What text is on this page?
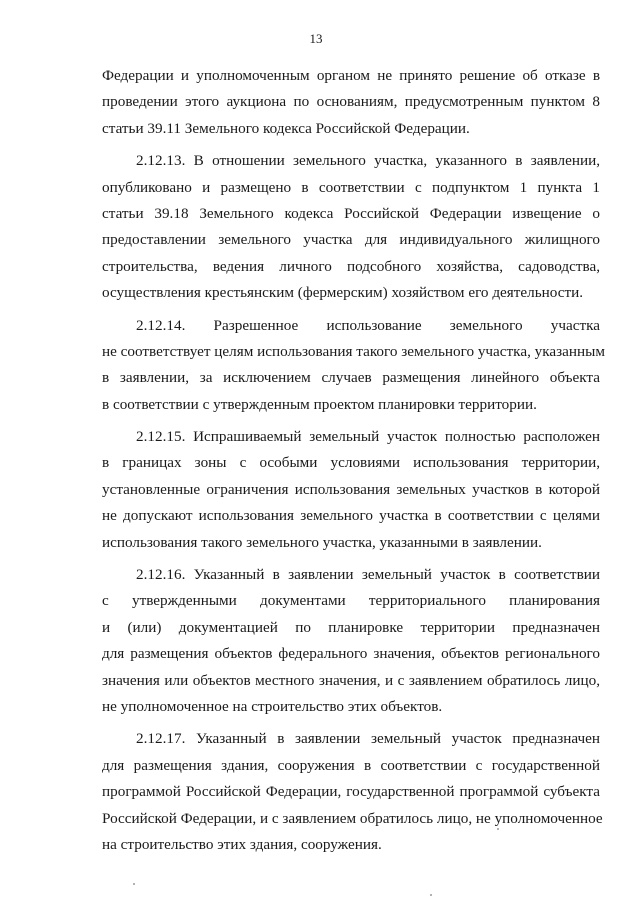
13
Федерации и уполномоченным органом не принято решение об отказе в
проведении этого аукциона по основаниям, предусмотренным пунктом 8
статьи 39.11 Земельного кодекса Российской Федерации.
2.12.13. В отношении земельного участка, указанного в заявлении,
опубликовано и размещено в соответствии с подпунктом 1 пункта 1
статьи 39.18 Земельного кодекса Российской Федерации извещение о
предоставлении земельного участка для индивидуального жилищного
строительства, ведения личного подсобного хозяйства, садоводства,
осуществления крестьянским (фермерским) хозяйством его деятельности.
2.12.14. Разрешенное использование земельного участка
не соответствует целям использования такого земельного участка, указанным
в заявлении, за исключением случаев размещения линейного объекта
в соответствии с утвержденным проектом планировки территории.
2.12.15. Испрашиваемый земельный участок полностью расположен
в границах зоны с особыми условиями использования территории,
установленные ограничения использования земельных участков в которой
не допускают использования земельного участка в соответствии с целями
использования такого земельного участка, указанными в заявлении.
2.12.16. Указанный в заявлении земельный участок в соответствии
с утвержденными документами территориального планирования
и (или) документацией по планировке территории предназначен
для размещения объектов федерального значения, объектов регионального
значения или объектов местного значения, и с заявлением обратилось лицо,
не уполномоченное на строительство этих объектов.
2.12.17. Указанный в заявлении земельный участок предназначен
для размещения здания, сооружения в соответствии с государственной
программой Российской Федерации, государственной программой субъекта
Российской Федерации, и с заявлением обратилось лицо, не уполномоченное
на строительство этих здания, сооружения.
